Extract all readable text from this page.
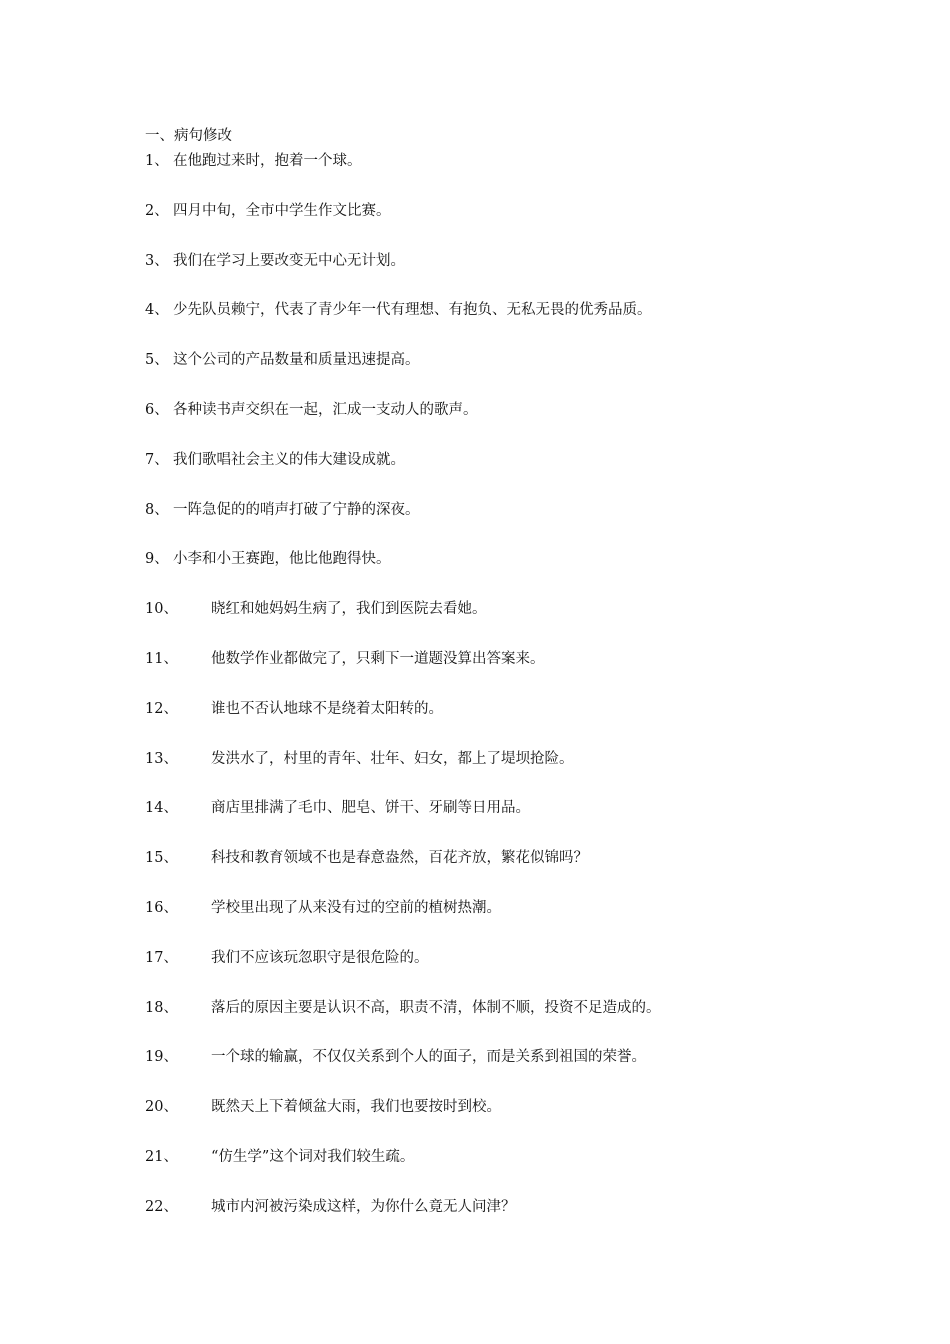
一、病句修改
1、 在他跑过来时，抱着一个球。
2、 四月中旬，全市中学生作文比赛。
3、 我们在学习上要改变无中心无计划。
4、 少先队员赖宁，代表了青少年一代有理想、有抱负、无私无畏的优秀品质。
5、 这个公司的产品数量和质量迅速提高。
6、 各种读书声交织在一起，汇成一支动人的歌声。
7、 我们歌唱社会主义的伟大建设成就。
8、 一阵急促的的哨声打破了宁静的深夜。
9、 小李和小王赛跑，他比他跑得快。
10、 晓红和她妈妈生病了，我们到医院去看她。
11、 他数学作业都做完了，只剩下一道题没算出答案来。
12、 谁也不否认地球不是绕着太阳转的。
13、 发洪水了，村里的青年、壮年、妇女，都上了堤坝抢险。
14、 商店里排满了毛巾、肥皂、饼干、牙刷等日用品。
15、 科技和教育领域不也是春意盎然，百花齐放，繁花似锦吗？
16、 学校里出现了从来没有过的空前的植树热潮。
17、 我们不应该玩忽职守是很危险的。
18、 落后的原因主要是认识不高，职责不清，体制不顺，投资不足造成的。
19、 一个球的输赢，不仅仅关系到个人的面子，而是关系到祖国的荣誉。
20、 既然天上下着倾盆大雨，我们也要按时到校。
21、 “仿生学”这个词对我们较生疏。
22、 城市内河被污染成这样，为你什么竟无人问津？
